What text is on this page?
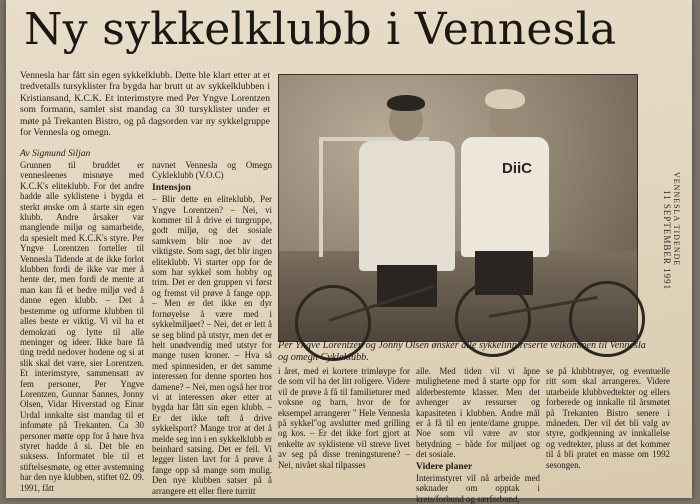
Ny sykkelklubb i Vennesla

Vennesla har fått sin egen sykkelklubb. Dette ble klart etter at et tredvetalls tursyklister fra bygda har brutt ut av sykkelklubben i Kristiansand, K.C.K. Et interimstyre med Per Yngve Lorentzen som formann, samlet sist mandag ca 30 tursyklister under et møte på Trekanten Bistro, og på dagsorden var ny sykkelgruppe for Vennesla og omegn.

Av Sigmund Siljan

Grunnen til bruddet er vennesleenes misnøye med K.C.K's eliteklubb. For det andre hadde alle syklistene i bygda et sterkt ønske om å starte sin egen klubb. Andre årsaker var manglende miljø og samarbeide, da spesielt med K.C.K's styre. Per Yngve Lorentzen forteller til Vennesla Tidende at de ikke forlot klubben fordi de ikke var mer å hente der, men fordi de mente at man kan få et bedre miljø ved å danne egen klubb. – Det å bestemme og utforme klubben til alles beste er viktig. Vi vil ha et demokrati og lytte til alle meninger og ideer. Ikke bare få ting tredd nedover hodene og si at slik skal det være, sier Lorentzen. Et interimstyre, sammensatt av fem personer, Per Yngve Lorentzen, Gunnar Sannes, Jonny Olsen, Vidar Hiverstad og Einar Urdal innkalte sist mandag til et infomøte på Trekanten. Ca 30 personer møtte opp for å høre hva styret hadde å si. Det ble en suksess. Informatet ble til et stiftelsesmøte, og etter avstemning har den nye klubben, stiftet 02. 09. 1991, fått

navnet Vennesla og Omegn Cykleklubb (V.O.C)

Intensjon

– Blir dette en eliteklubb, Per Yngve Lorentzen? – Nei, vi kommer til å drive ei turgruppe, godt miljø, og det sosiale samkvem blir noe av det viktigste. Som sagt, det blir ingen eliteklubb. Vi starter opp for de som har sykkel som hobby og trim. Det er den gruppen vi først og fremst vil prøve å fange opp. – Men er det ikke en dyr fornøyelse å være med i sykkelmiljøet? – Nei, det er lett å se seg blind på utstyr, men det er helt unødvendig med utstyr for mange tusen kroner. – Hva så med spinnesiden, er det samme interessen for denne sporten hos damene? – Nei, men også her tror vi at interessen øker etter at bygda har fått sin egen klubb. – Er det ikke tøft å drive sykkelsport? Mange tror at det å melde seg inn i en sykkelklubb er beinhard satsing. Det er feil. Vi legger listen lavt for å prøve å fange opp så mange som mulig. Den nye klubben satser på å arrangere ett eller flere turritt

DiiC

Per Yngve Lorentzen og Jonny Olsen ønsker alle sykkelinntreserte velkommen til Vennesla og omegn Cykleklubb.

i året, med ei kortere trimløype for de som vil ha det litt roligere. Videre vil de prøve å få til familieturer med voksne og barn, hvor de for eksempel arrangerer " Hele Vennesla på sykkel"og avslutter med grilling og kos. – Er det ikke fort gjort at enkelte av syklistene vil streve livet av seg på disse treningsturene? – Nei, nivået skal tilpasses

alle. Med tiden vil vi åpne mulighetene med å starte opp for alderbestemte klasser. Men det avhenger av ressurser og kapasiteten i klubben. Andre mål er å få til en jente/dame gruppe. Noe som vil være av stor betydning – både for miljøet og det sosiale.

Videre planer

Interimstyret vil nå arbeide med søknader om opptak i krets/forbund og særforbund,

se på klubbtrøyer, og eventuelle ritt som skal arrangeres. Videre utarbeide klubbvedtekter og ellers forberede og innkalle til årsmøtet på Trekanten Bistro senere i måneden. Der vil det bli valg av styre, godkjenning av innkallelse og vedtekter, pluss at det kommer til å bli pratet en masse om 1992 sesongen.

VENNESLA TIDENDE
11 SEPTEMBER 1991
